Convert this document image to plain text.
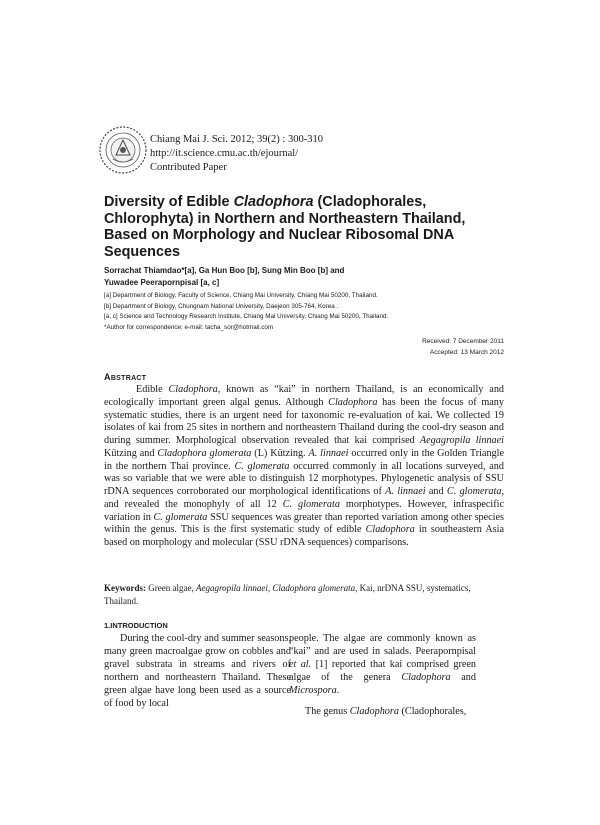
Chiang Mai J. Sci. 2012; 39(2) : 300-310
http://it.science.cmu.ac.th/ejournal/
Contributed Paper
Diversity of Edible Cladophora (Cladophorales, Chlorophyta) in Northern and Northeastern Thailand, Based on Morphology and Nuclear Ribosomal DNA Sequences
Sorrachat Thiamdao*[a], Ga Hun Boo [b], Sung Min Boo [b] and
Yuwadee Peerapornpisal [a, c]
[a] Department of Biology, Faculty of Science, Chiang Mai University, Chiang Mai 50200, Thailand.
[b] Department of Biology, Chungnam National University, Daejeon 305-764, Korea .
[a, c] Science and Technology Research Institute, Chiang Mai University, Chiang Mai 50200, Thailand.
*Author for correspondence; e-mail: tacha_sor@hotmail.com
Received: 7 December 2011
Accepted: 13 March 2012
ABSTRACT
Edible Cladophora, known as “kai” in northern Thailand, is an economically and ecologically important green algal genus. Although Cladophora has been the focus of many systematic studies, there is an urgent need for taxonomic re-evaluation of kai. We collected 19 isolates of kai from 25 sites in northern and northeastern Thailand during the cool-dry season and during summer. Morphological observation revealed that kai comprised Aegagropila linnaei Kützing and Cladophora glomerata (L) Kützing. A. linnaei occurred only in the Golden Triangle in the northern Thai province. C. glomerata occurred commonly in all locations surveyed, and was so variable that we were able to distinguish 12 morphotypes. Phylogenetic analysis of SSU rDNA sequences corroborated our morphological identifications of A. linnaei and C. glomerata, and revealed the monophyly of all 12 C. glomerata morphotypes. However, infraspecific variation in C. glomerata SSU sequences was greater than reported variation among other species within the genus. This is the first systematic study of edible Cladophora in southeastern Asia based on morphology and molecular (SSU rDNA sequences) comparisons.
Keywords: Green algae, Aegagropila linnaei, Cladophora glomerata, Kai, nrDNA SSU, systematics, Thailand.
1.INTRODUCTION
During the cool-dry and summer seasons, many green macroalgae grow on cobbles and gravel substrata in streams and rivers of northern and northeastern Thailand. These green algae have long been used as a source of food by local

people. The algae are commonly known as “kai” and are used in salads. Peerapornpisal et al. [1] reported that kai comprised green algae of the genera Cladophora and Microspora.

The genus Cladophora (Cladophorales,
